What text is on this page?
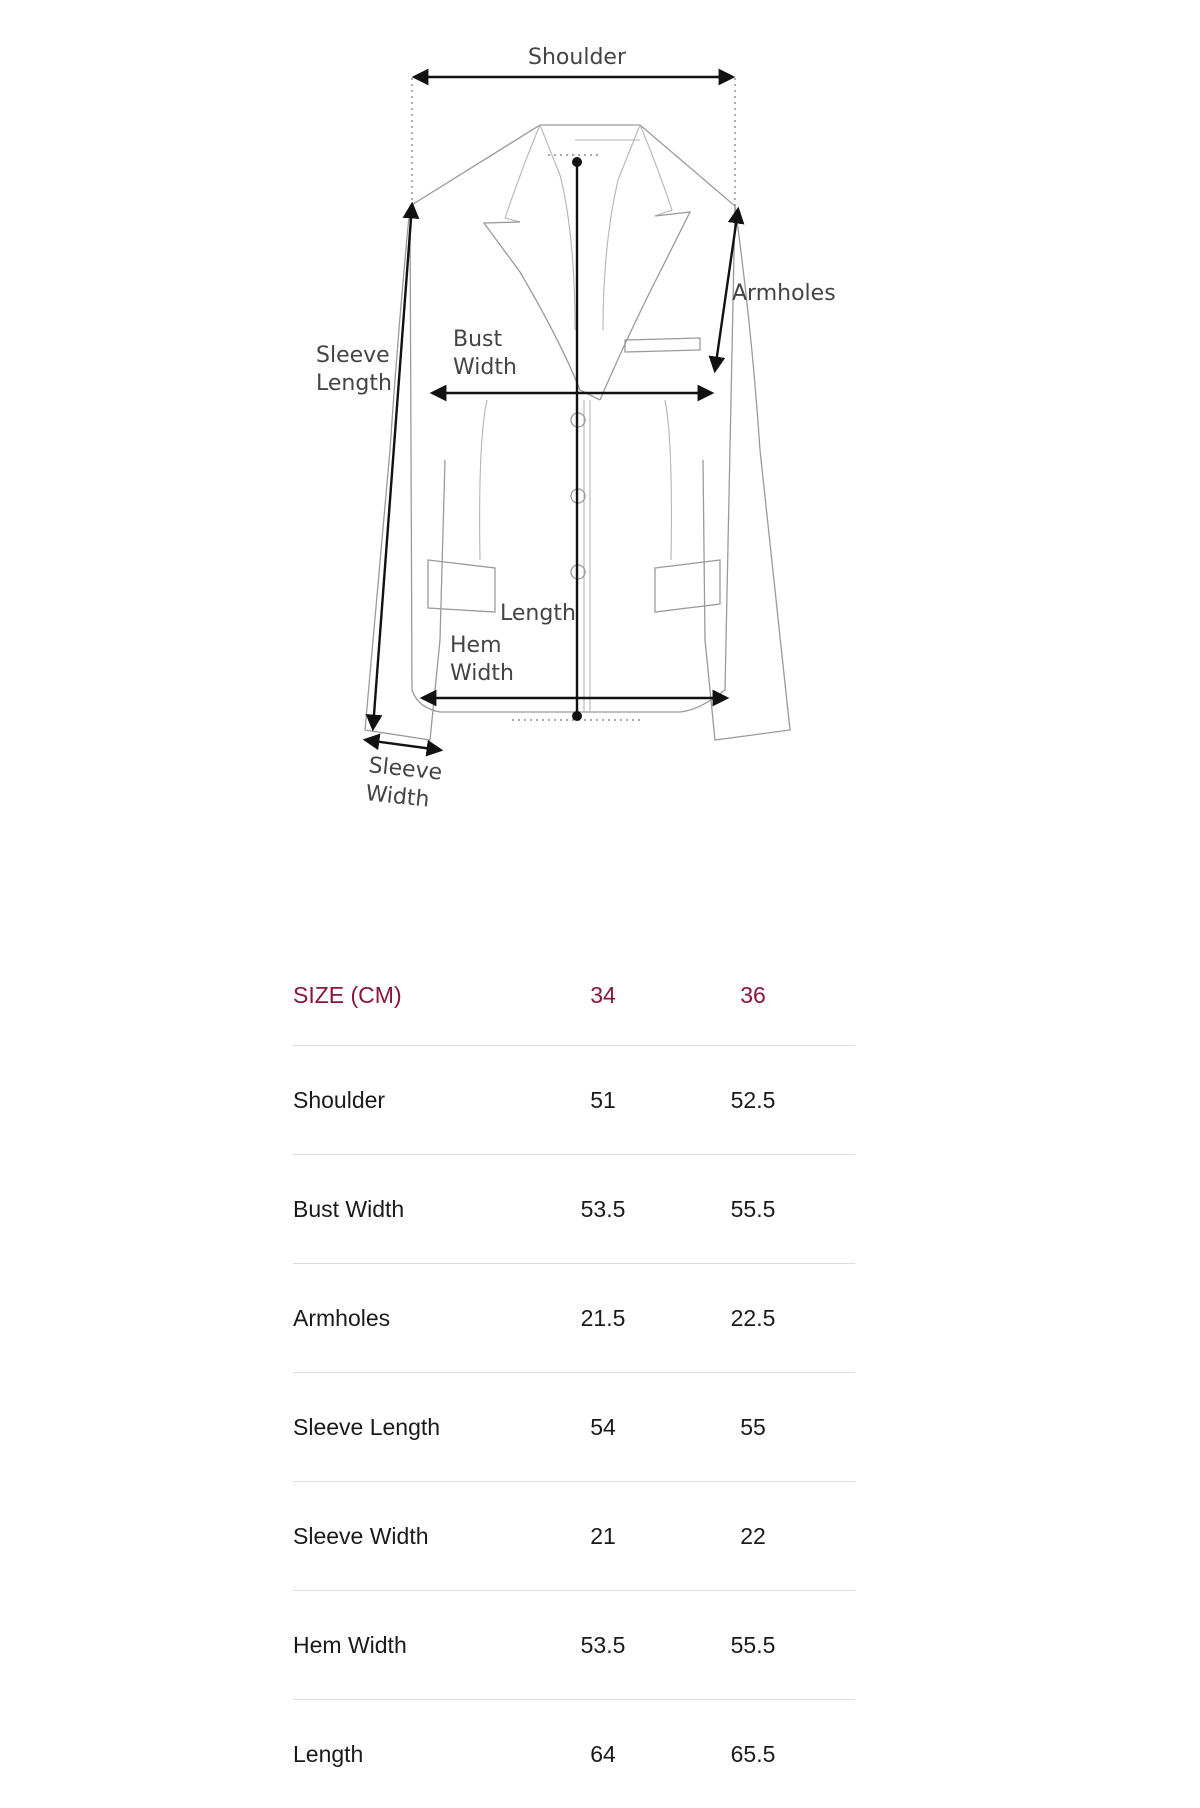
Shoulder
Armholes
Sleeve
Length
Bust
Width
Length
Hem
Width
Sleeve
Width
SIZE (CM)	34	36
Shoulder	51	52.5
Bust Width	53.5	55.5
Armholes	21.5	22.5
Sleeve Length	54	55
Sleeve Width	21	22
Hem Width	53.5	55.5
Length	64	65.5
